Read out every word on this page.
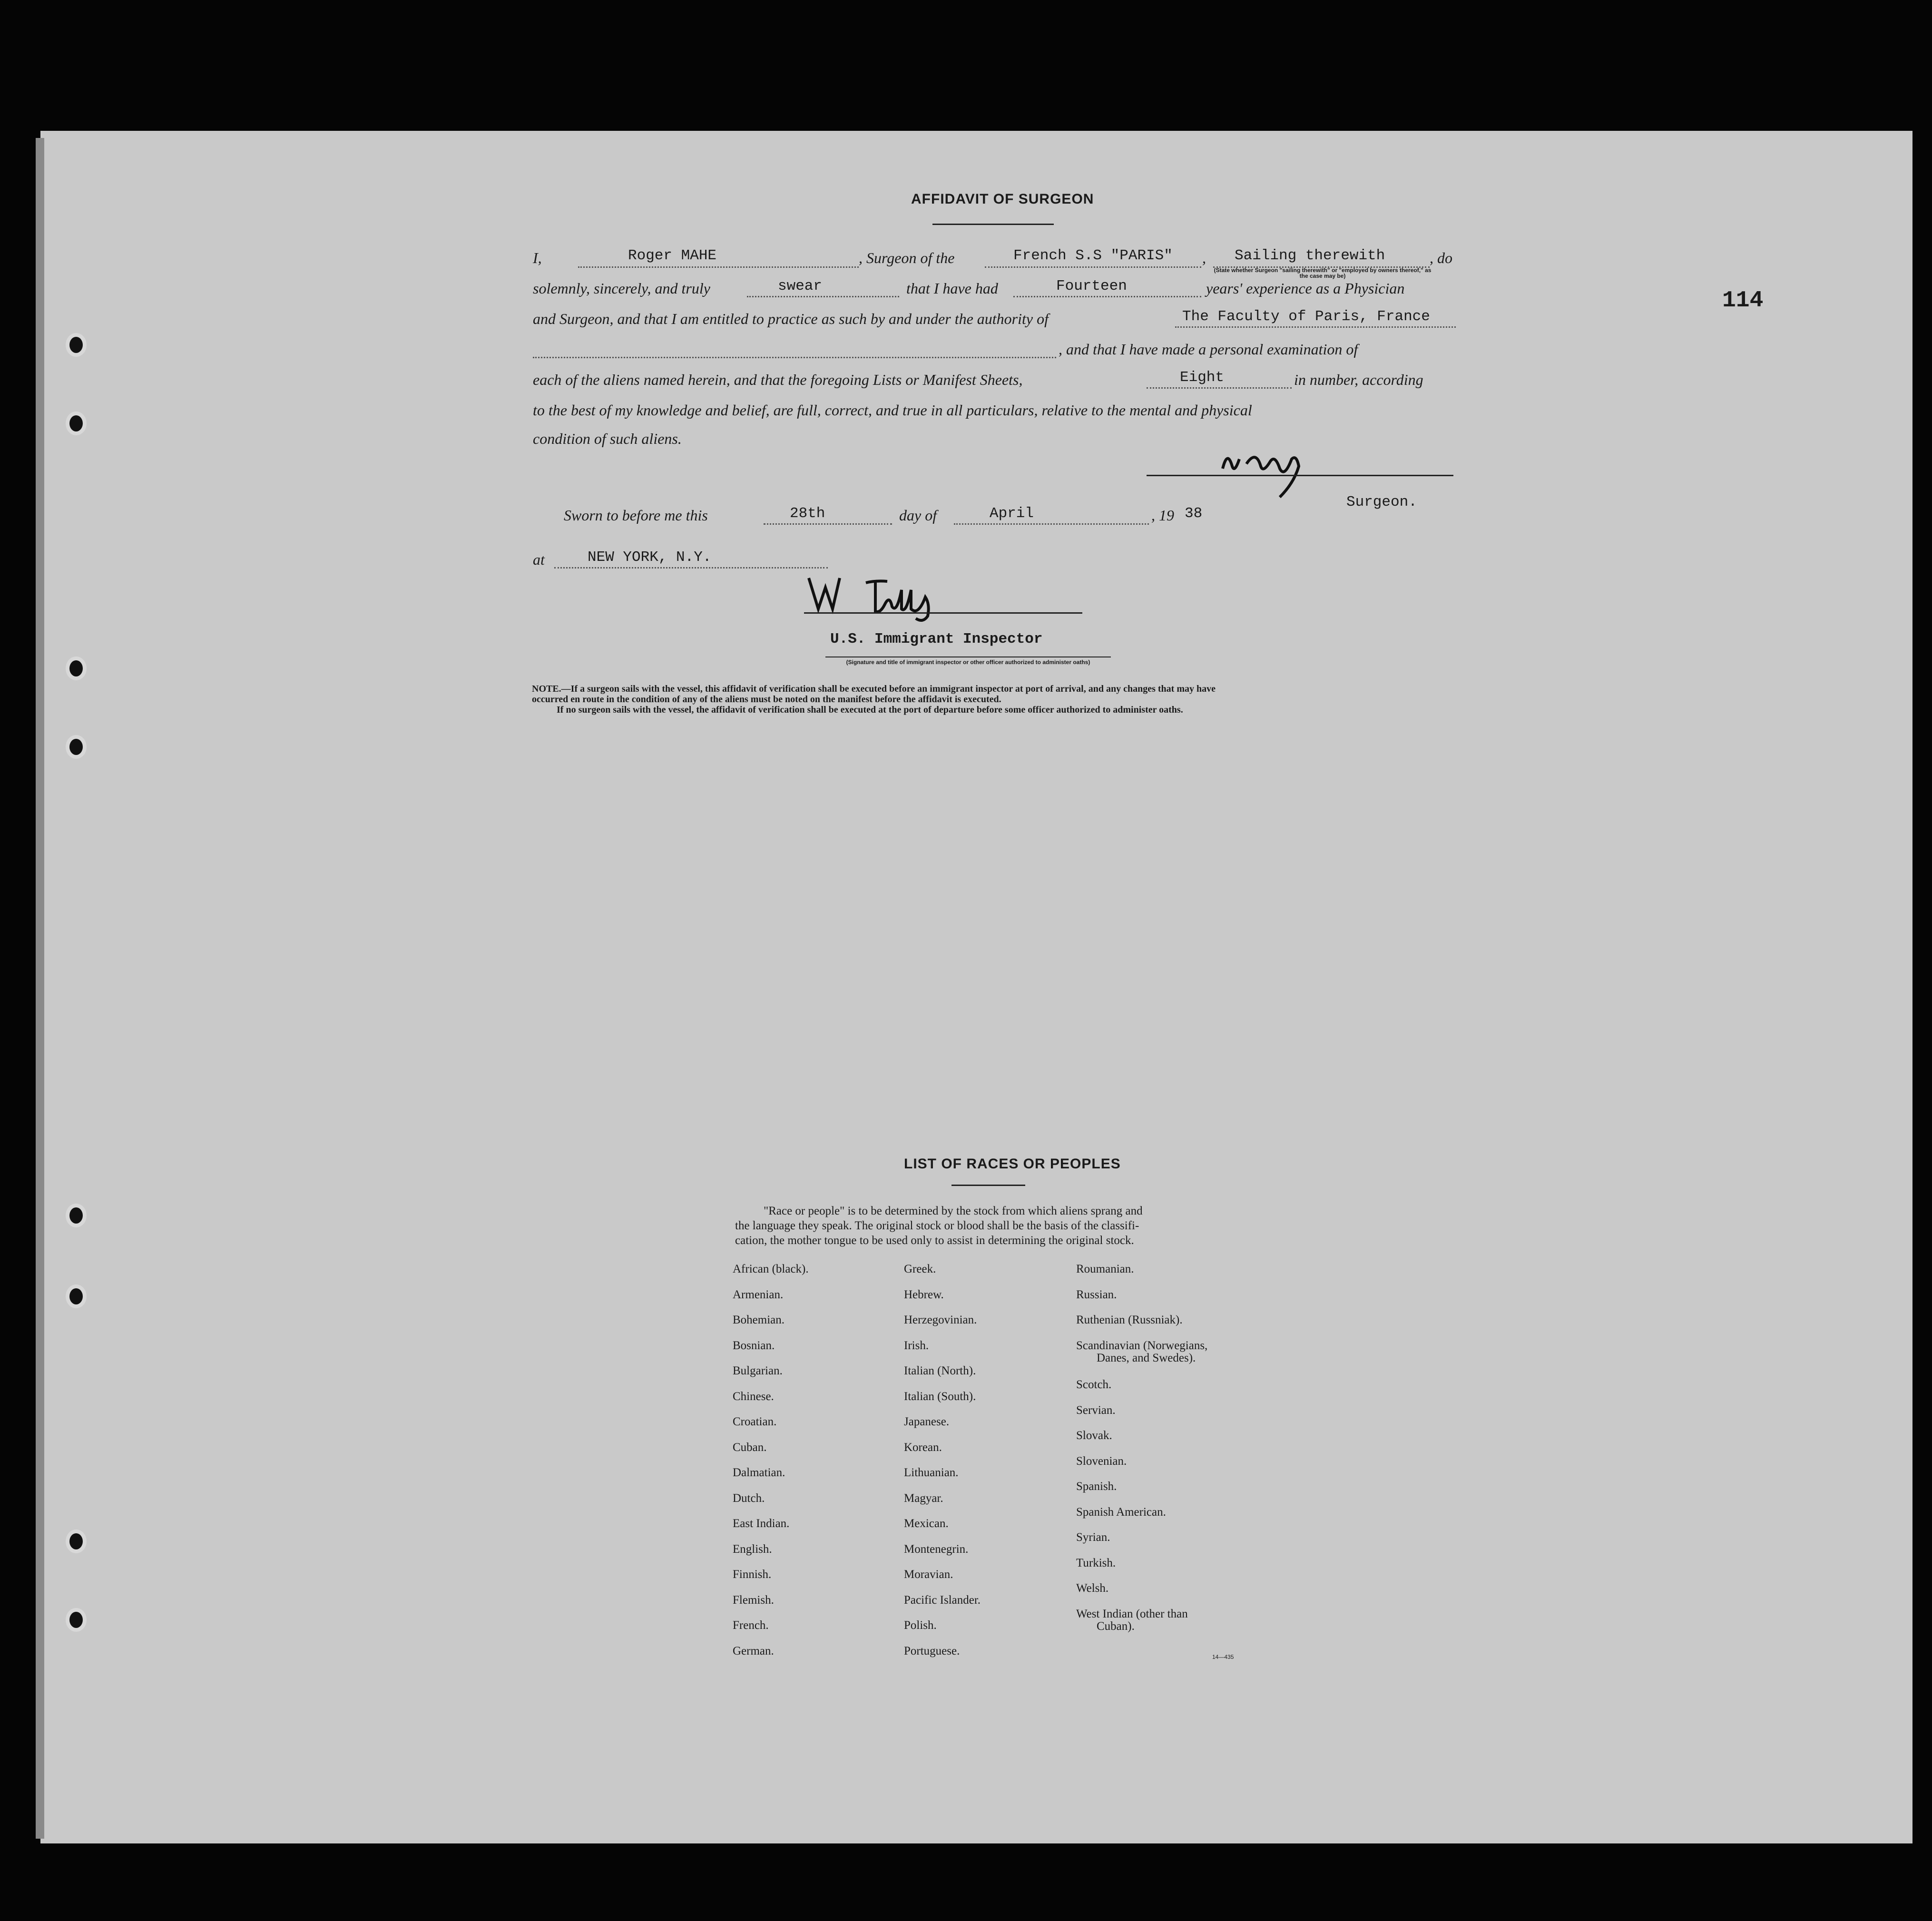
114
AFFIDAVIT OF SURGEON
I,	Roger MAHE	, Surgeon of the	French S.S "PARIS" , Sailing therewith	, do
(State whether Surgeon "sailing therewith" or "employed by owners thereof," as the case may be)
solemnly, sincerely, and truly	swear	that I have had	Fourteen	years' experience as a Physician
and Surgeon, and that I am entitled to practice as such by and under the authority of	The Faculty of Paris, France
, and that I have made a personal examination of
each of the aliens named herein, and that the foregoing Lists or Manifest Sheets,	Eight	in number, according
to the best of my knowledge and belief, are full, correct, and true in all particulars, relative to the mental and physical
condition of such aliens.
Surgeon.
Sworn to before me this	28th	day of	April	, 19 38
at	NEW YORK, N.Y.
U.S. Immigrant Inspector
(Signature and title of immigrant inspector or other officer authorized to administer oaths)
NOTE.—If a surgeon sails with the vessel, this affidavit of verification shall be executed before an immigrant inspector at port of arrival, and any changes that may have
occurred en route in the condition of any of the aliens must be noted on the manifest before the affidavit is executed.
If no surgeon sails with the vessel, the affidavit of verification shall be executed at the port of departure before some officer authorized to administer oaths.
LIST OF RACES OR PEOPLES
"Race or people" is to be determined by the stock from which aliens sprang and
the language they speak. The original stock or blood shall be the basis of the classifi-
cation, the mother tongue to be used only to assist in determining the original stock.
African (black).
Armenian.
Bohemian.
Bosnian.
Bulgarian.
Chinese.
Croatian.
Cuban.
Dalmatian.
Dutch.
East Indian.
English.
Finnish.
Flemish.
French.
German.
Greek.
Hebrew.
Herzegovinian.
Irish.
Italian (North).
Italian (South).
Japanese.
Korean.
Lithuanian.
Magyar.
Mexican.
Montenegrin.
Moravian.
Pacific Islander.
Polish.
Portuguese.
Roumanian.
Russian.
Ruthenian (Russniak).
Scandinavian (Norwegians,
Danes, and Swedes).
Scotch.
Servian.
Slovak.
Slovenian.
Spanish.
Spanish American.
Syrian.
Turkish.
Welsh.
West Indian (other than
Cuban).
14—435
